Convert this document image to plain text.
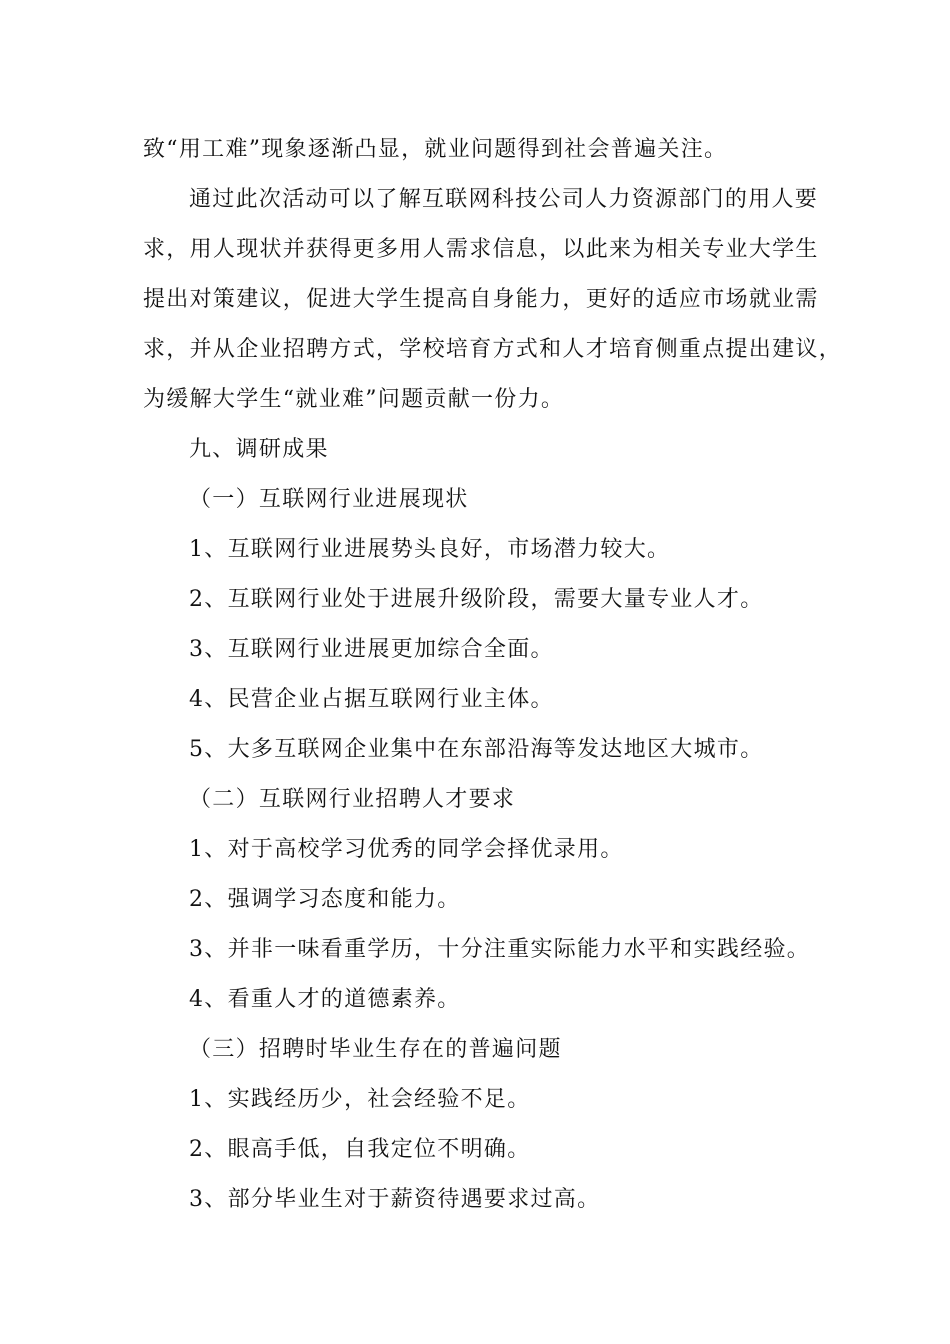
致“用工难”现象逐渐凸显，就业问题得到社会普遍关注。
通过此次活动可以了解互联网科技公司人力资源部门的用人要
求，用人现状并获得更多用人需求信息，以此来为相关专业大学生
提出对策建议，促进大学生提高自身能力，更好的适应市场就业需
求，并从企业招聘方式，学校培育方式和人才培育侧重点提出建议，
为缓解大学生“就业难”问题贡献一份力。
九、调研成果
（一）互联网行业进展现状
1、互联网行业进展势头良好，市场潜力较大。
2、互联网行业处于进展升级阶段，需要大量专业人才。
3、互联网行业进展更加综合全面。
4、民营企业占据互联网行业主体。
5、大多互联网企业集中在东部沿海等发达地区大城市。
（二）互联网行业招聘人才要求
1、对于高校学习优秀的同学会择优录用。
2、强调学习态度和能力。
3、并非一味看重学历，十分注重实际能力水平和实践经验。
4、看重人才的道德素养。
（三）招聘时毕业生存在的普遍问题
1、实践经历少，社会经验不足。
2、眼高手低，自我定位不明确。
3、部分毕业生对于薪资待遇要求过高。
